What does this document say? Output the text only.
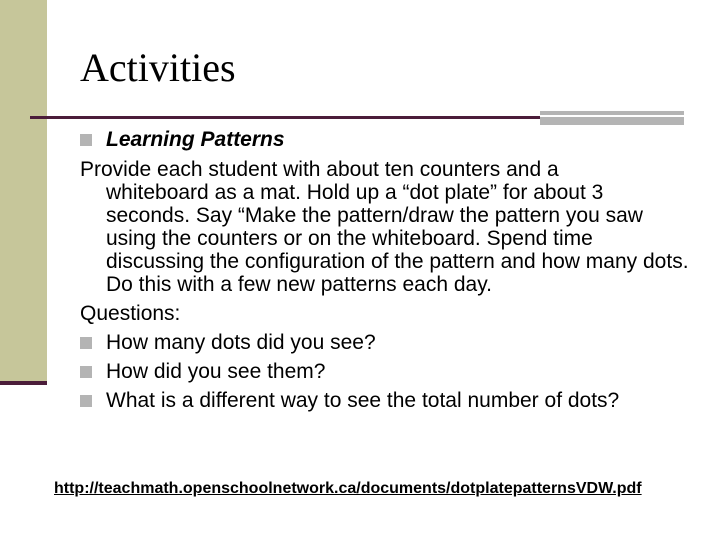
Activities
Learning Patterns
Provide each student with about ten counters and a
whiteboard as a mat. Hold up a “dot plate” for about 3 seconds. Say “Make the pattern/draw the pattern you saw using the counters or on the whiteboard. Spend time discussing the configuration of the pattern and how many dots. Do this with a few new patterns each day.
Questions:
How many dots did you see?
How did you see them?
What is a different way to see the total number of dots?
http://teachmath.openschoolnetwork.ca/documents/dotplatepatternsVDW.pdf
